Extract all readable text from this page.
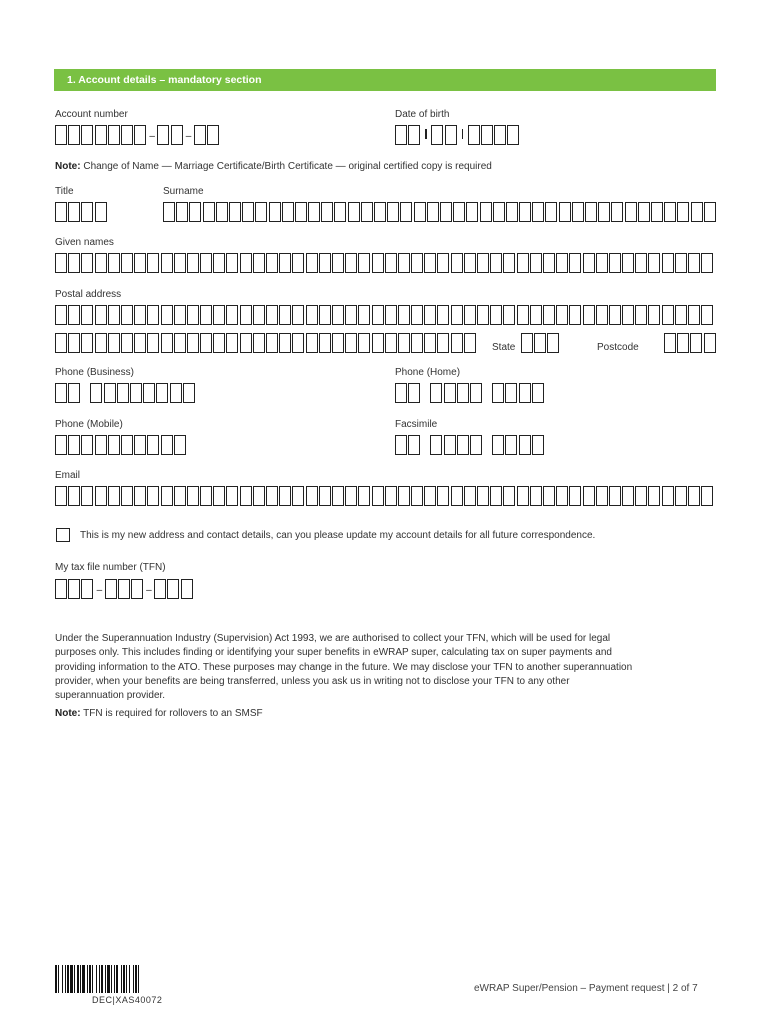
1. Account details – mandatory section
Account number
–
–	Date of birth
Note: Change of Name — Marriage Certificate/Birth Certificate — original certified copy is required
Title	Surname
Given names
Postal address
State	Postcode
Phone (Business)	Phone (Home)
Phone (Mobile)	Facsimile
Email
This is my new address and contact details, can you please update my account details for all future correspondence.
My tax file number (TFN)
–
–
Under the Superannuation Industry (Supervision) Act 1993, we are authorised to collect your TFN, which will be used for legal
purposes only. This includes finding or identifying your super benefits in eWRAP super, calculating tax on super payments and
providing information to the ATO. These purposes may change in the future. We may disclose your TFN to another superannuation
provider, when your benefits are being transferred, unless you ask us in writing not to disclose your TFN to any other
superannuation provider.
Note: TFN is required for rollovers to an SMSF
DEC|XAS40072
eWRAP Super/Pension – Payment request | 2 of 7
